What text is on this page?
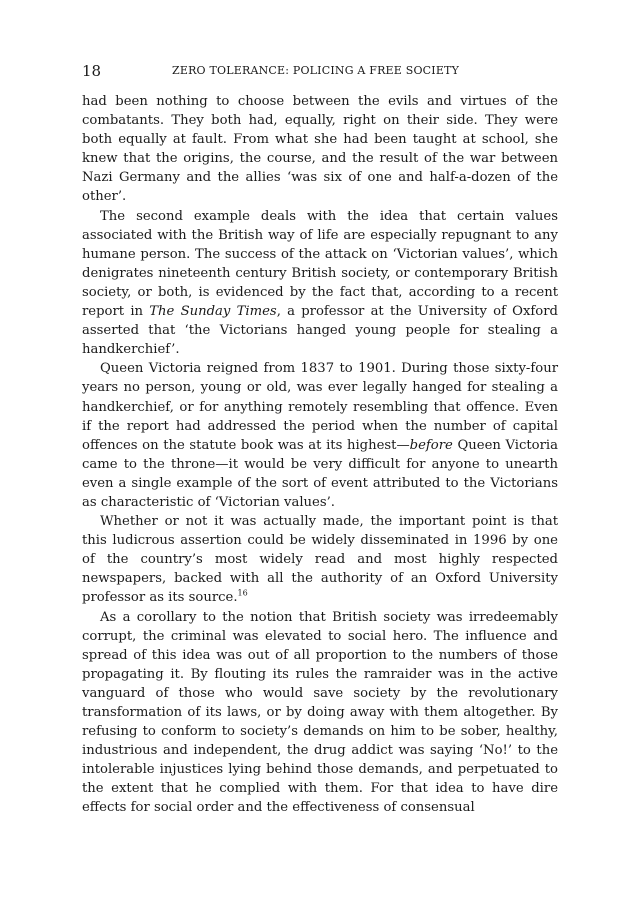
18	ZERO TOLERANCE: POLICING A FREE SOCIETY

had been nothing to choose between the evils and virtues of the combatants. They both had, equally, right on their side. They were both equally at fault. From what she had been taught at school, she knew that the origins, the course, and the result of the war between Nazi Germany and the allies ‘was six of one and half-a-dozen of the other’.

The second example deals with the idea that certain values associated with the British way of life are especially repugnant to any humane person. The success of the attack on ‘Victorian values’, which denigrates nineteenth century British society, or contemporary British society, or both, is evidenced by the fact that, according to a recent report in The Sunday Times, a professor at the University of Oxford asserted that ‘the Victorians hanged young people for stealing a handkerchief’.

Queen Victoria reigned from 1837 to 1901. During those sixty-four years no person, young or old, was ever legally hanged for stealing a handkerchief, or for anything remotely resembling that offence. Even if the report had addressed the period when the number of capital offences on the statute book was at its highest—before Queen Victoria came to the throne—it would be very difficult for anyone to unearth even a single example of the sort of event attributed to the Victorians as characteristic of ‘Victorian values’.

Whether or not it was actually made, the important point is that this ludicrous assertion could be widely disseminated in 1996 by one of the country’s most widely read and most highly respected newspapers, backed with all the authority of an Oxford University professor as its source.$^{16}$

As a corollary to the notion that British society was irredeemably corrupt, the criminal was elevated to social hero. The influence and spread of this idea was out of all proportion to the numbers of those propagating it. By flouting its rules the ramraider was in the active vanguard of those who would save society by the revolutionary transformation of its laws, or by doing away with them altogether. By refusing to conform to society’s demands on him to be sober, healthy, industrious and independent, the drug addict was saying ‘No!’ to the intolerable injustices lying behind those demands, and perpetuated to the extent that he complied with them. For that idea to have dire effects for social order and the effectiveness of consensual
